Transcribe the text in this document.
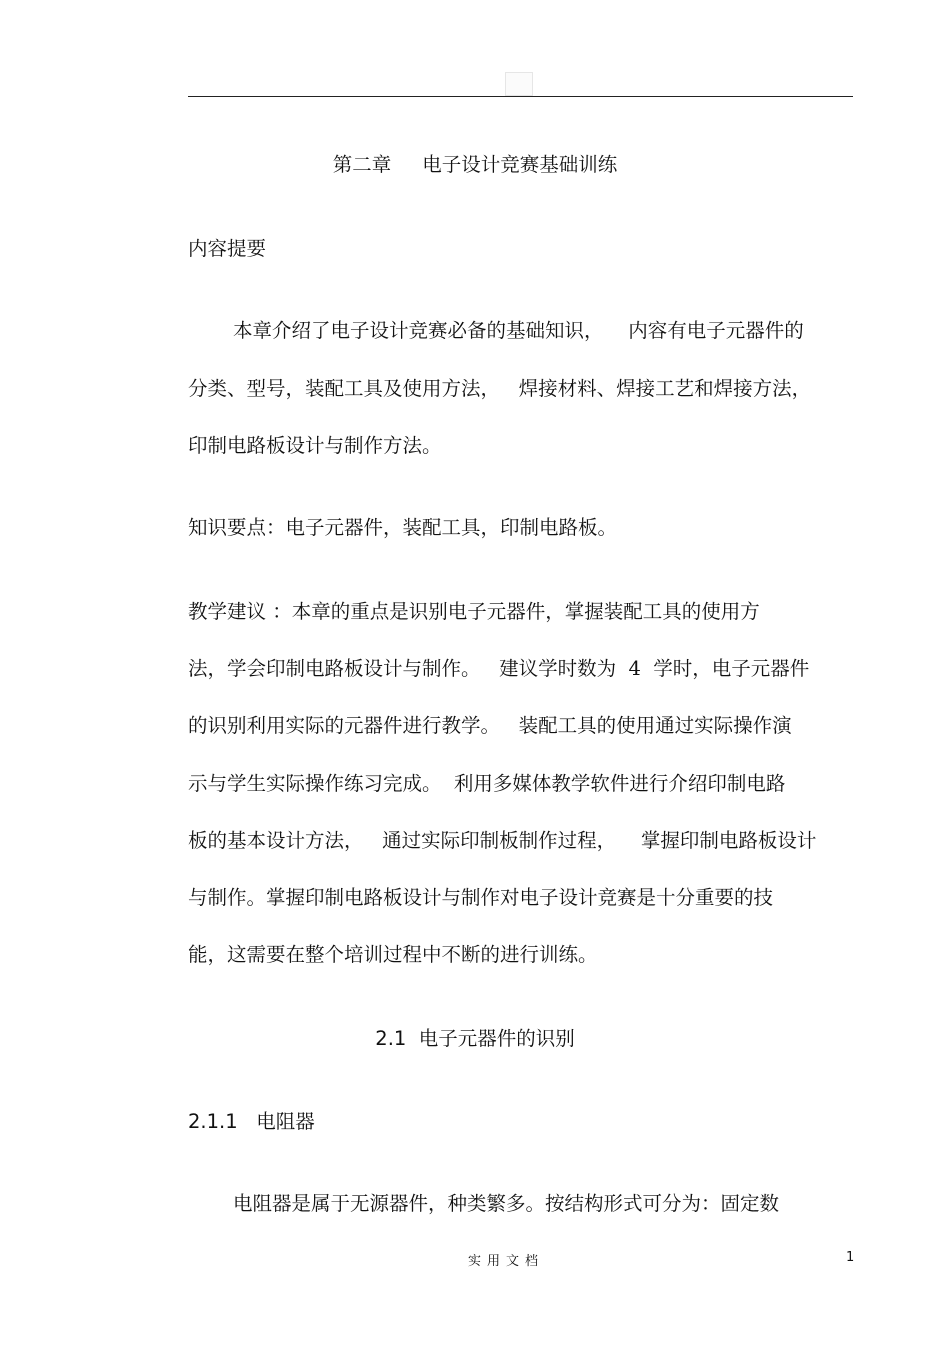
第二章     电子设计竞赛基础训练
内容提要
本章介绍了电子设计竞赛必备的基础知识，    内容有电子元器件的
分类、型号，装配工具及使用方法，   焊接材料、焊接工艺和焊接方法，
印制电路板设计与制作方法。
知识要点：电子元器件，装配工具，印制电路板。
教学建议 ：本章的重点是识别电子元器件，掌握装配工具的使用方
法，学会印制电路板设计与制作。   建议学时数为  4  学时，电子元器件
的识别利用实际的元器件进行教学。   装配工具的使用通过实际操作演
示与学生实际操作练习完成。  利用多媒体教学软件进行介绍印制电路
板的基本设计方法，   通过实际印制板制作过程，    掌握印制电路板设计
与制作。掌握印制电路板设计与制作对电子设计竞赛是十分重要的技
能，这需要在整个培训过程中不断的进行训练。
2.1 电子元器件的识别
2.1.1 电阻器
电阻器是属于无源器件，种类繁多。按结构形式可分为：固定数
实用文档	1
